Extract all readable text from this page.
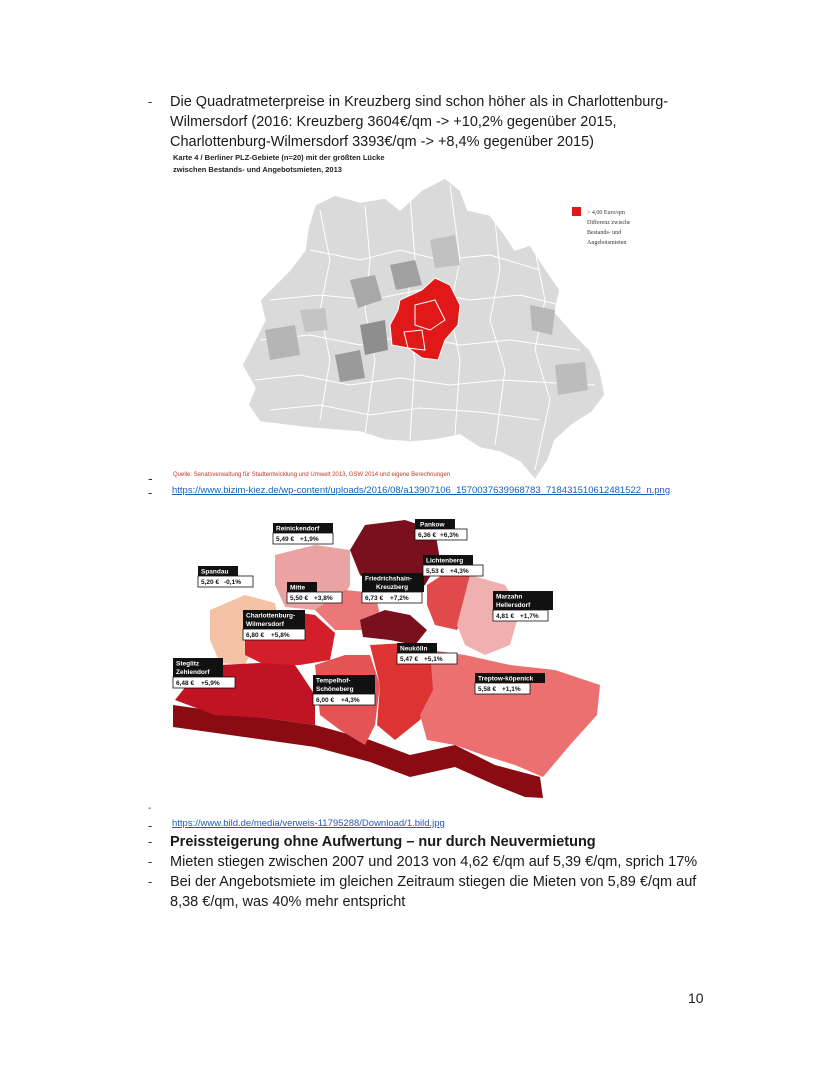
- Die Quadratmeterpreise in Kreuzberg sind schon höher als in Charlottenburg-
Wilmersdorf (2016: Kreuzberg 3604€/qm -> +10,2% gegenüber 2015,
Charlottenburg-Wilmersdorf 3393€/qm -> +8,4% gegenüber 2015)
Karte 4 / Berliner PLZ-Gebiete (n=20) mit der größten Lücke
zwischen Bestands- und Angebotsmieten, 2013
> 4,00 Euro/qm
Differenz zwischen
Bestands- und
Angebotsmieten
Quelle: Senatsverwaltung für Stadtentwicklung und Umwelt 2013, GSW 2014 und eigene Berechnungen
-
- https://www.bizim-kiez.de/wp-content/uploads/2016/08/a13907106_1570037639968783_718431510612481522_n.png
Reinickendorf
5,49 € +1,9%
Pankow
6,36 € +6,3%
Spandau
5,20 € -0,1%
Mitte
5,50 € +3,8%
Friedrichshain-
Kreuzberg
6,73 € +7,2%
Lichtenberg
5,53 € +4,3%
Marzahn
Hellersdorf
4,81 € +1,7%
Charlottenburg-
Wilmersdorf
6,80 € +5,8%
Neukölln
5,47 € +5,1%
Steglitz
Zehlendorf
6,48 € +5,9%	Tempelhof-
Schöneberg
6,00 € +4,3%
Treptow-köpenick
5,58 € +1,1%
-
- https://www.bild.de/media/verweis-11795288/Download/1.bild.jpg
- Preissteigerung ohne Aufwertung – nur durch Neuvermietung
- Mieten stiegen zwischen 2007 und 2013 von 4,62 €/qm auf 5,39 €/qm, sprich 17%
- Bei der Angebotsmiete im gleichen Zeitraum stiegen die Mieten von 5,89 €/qm auf
8,38 €/qm, was 40% mehr entspricht
10
